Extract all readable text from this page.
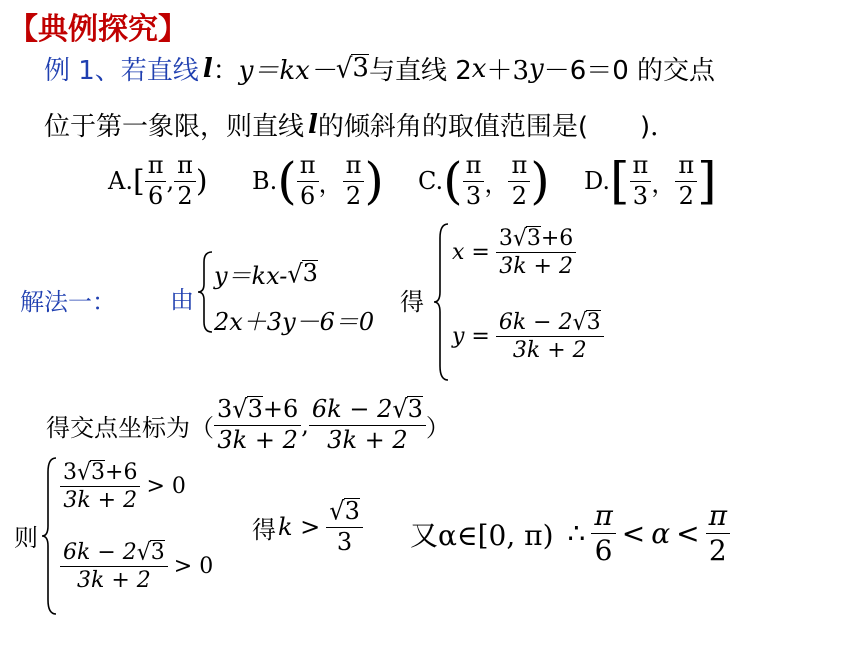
【典例探究】
例 1、若直线 l ： y＝kx－ √ 3 与直线 2 x ＋3 y －6＝0 的交点
位于第一象限，则直线 l 的倾斜角的取值范围是(　　)．
A. [ $\frac{\pi}{6}$ , $\frac{\pi}{2}$ ) B. ( $\frac{\pi}{6}$ ， $\frac{\pi}{2}$ ) C. ( $\frac{\pi}{3}$ ， $\frac{\pi}{2}$ ) D. [ $\frac{\pi}{3}$ ， $\frac{\pi}{2}$ ]
解法一： 由
y＝kx- √ 3
2x＋3y－6＝0
得
$x = \frac{3√3+6}{3k + 2}$
$y = \frac{6k - 2√3}{3k + 2}$
得交点坐标为（ $\frac{3√3+6}{3k + 2}$ , $\frac{6k - 2√3}{3k + 2}$ ）
则
$\frac{3√3+6}{3k + 2} > 0$
$\frac{6k - 2√3}{3k + 2} > 0$
得 $k > \frac{√3}{3}$ 又α∈[0, π) ∴ $\frac{\pi}{6} < \alpha < \frac{\pi}{2}$
